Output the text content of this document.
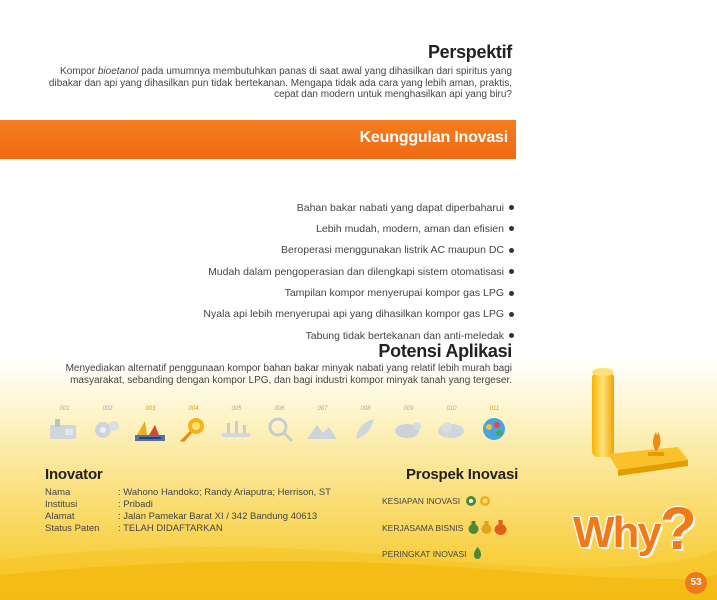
Perspektif
Kompor bioetanol pada umumnya membutuhkan panas di saat awal yang dihasilkan dari spiritus yang dibakar dan api yang dihasilkan pun tidak bertekanan. Mengapa tidak ada cara yang lebih aman, praktis, cepat dan modern untuk menghasilkan api yang biru?
Keunggulan Inovasi
Bahan bakar nabati yang dapat diperbaharui
Lebih mudah, modern, aman dan efisien
Beroperasi menggunakan listrik AC maupun DC
Mudah dalam pengoperasian dan dilengkapi sistem otomatisasi
Tampilan kompor menyerupai kompor gas LPG
Nyala api lebih menyerupai api yang dihasilkan kompor gas LPG
Tabung tidak bertekanan dan anti-meledak
Potensi Aplikasi
Menyediakan alternatif penggunaan kompor bahan bakar minyak nabati yang relatif lebih murah bagi masyarakat, sebanding dengan kompor LPG, dan bagi industri kompor minyak tanah yang tergeser.
001	002	003	004	005	006	007	008	009	010	011
Inovator
Nama	: Wahono Handoko; Randy Ariaputra; Herrison, ST
Institusi	: Pribadi
Alamat	: Jalan Pamekar Barat XI / 342 Bandung 40613
Status Paten	: TELAH DIDAFTARKAN
Prospek Inovasi
KESIAPAN INOVASI
KERJASAMA BISNIS
PERINGKAT INOVASI Why ?
53
